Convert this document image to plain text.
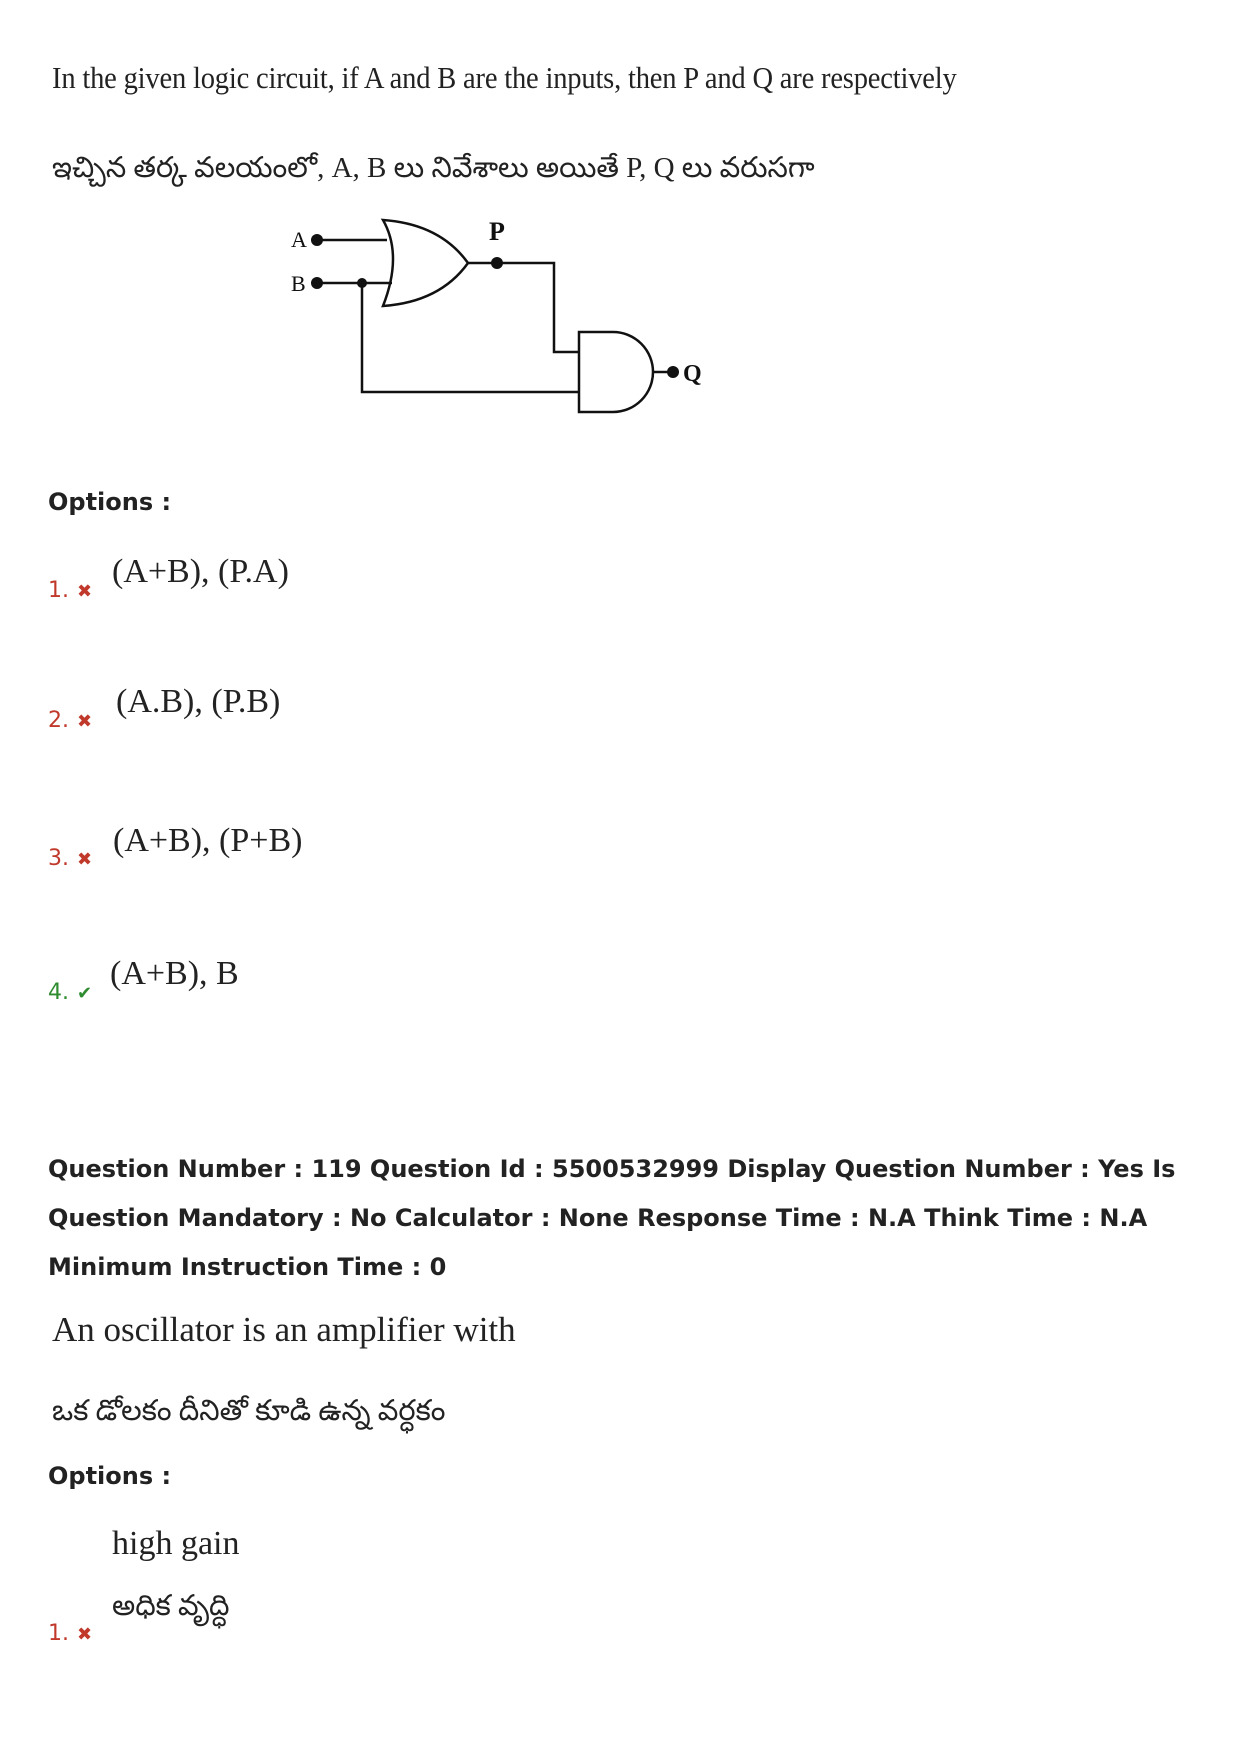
In the given logic circuit, if A and B are the inputs, then P and Q are respectively
ఇచ్చిన తర్క వలయంలో, A, B లు నివేశాలు అయితే P, Q లు వరుసగా
A
B
P
Q
Options :
1. ✖
(A+B), (P.A)
2. ✖
(A.B), (P.B)
3. ✖
(A+B), (P+B)
4. ✔
(A+B), B
Question Number : 119 Question Id : 5500532999 Display Question Number : Yes Is Question Mandatory : No Calculator : None Response Time : N.A Think Time : N.A Minimum Instruction Time : 0
An oscillator is an amplifier with
ఒక డోలకం దీనితో కూడి ఉన్న వర్ధకం
Options :
high gain
అధిక వృద్ధి
1. ✖
